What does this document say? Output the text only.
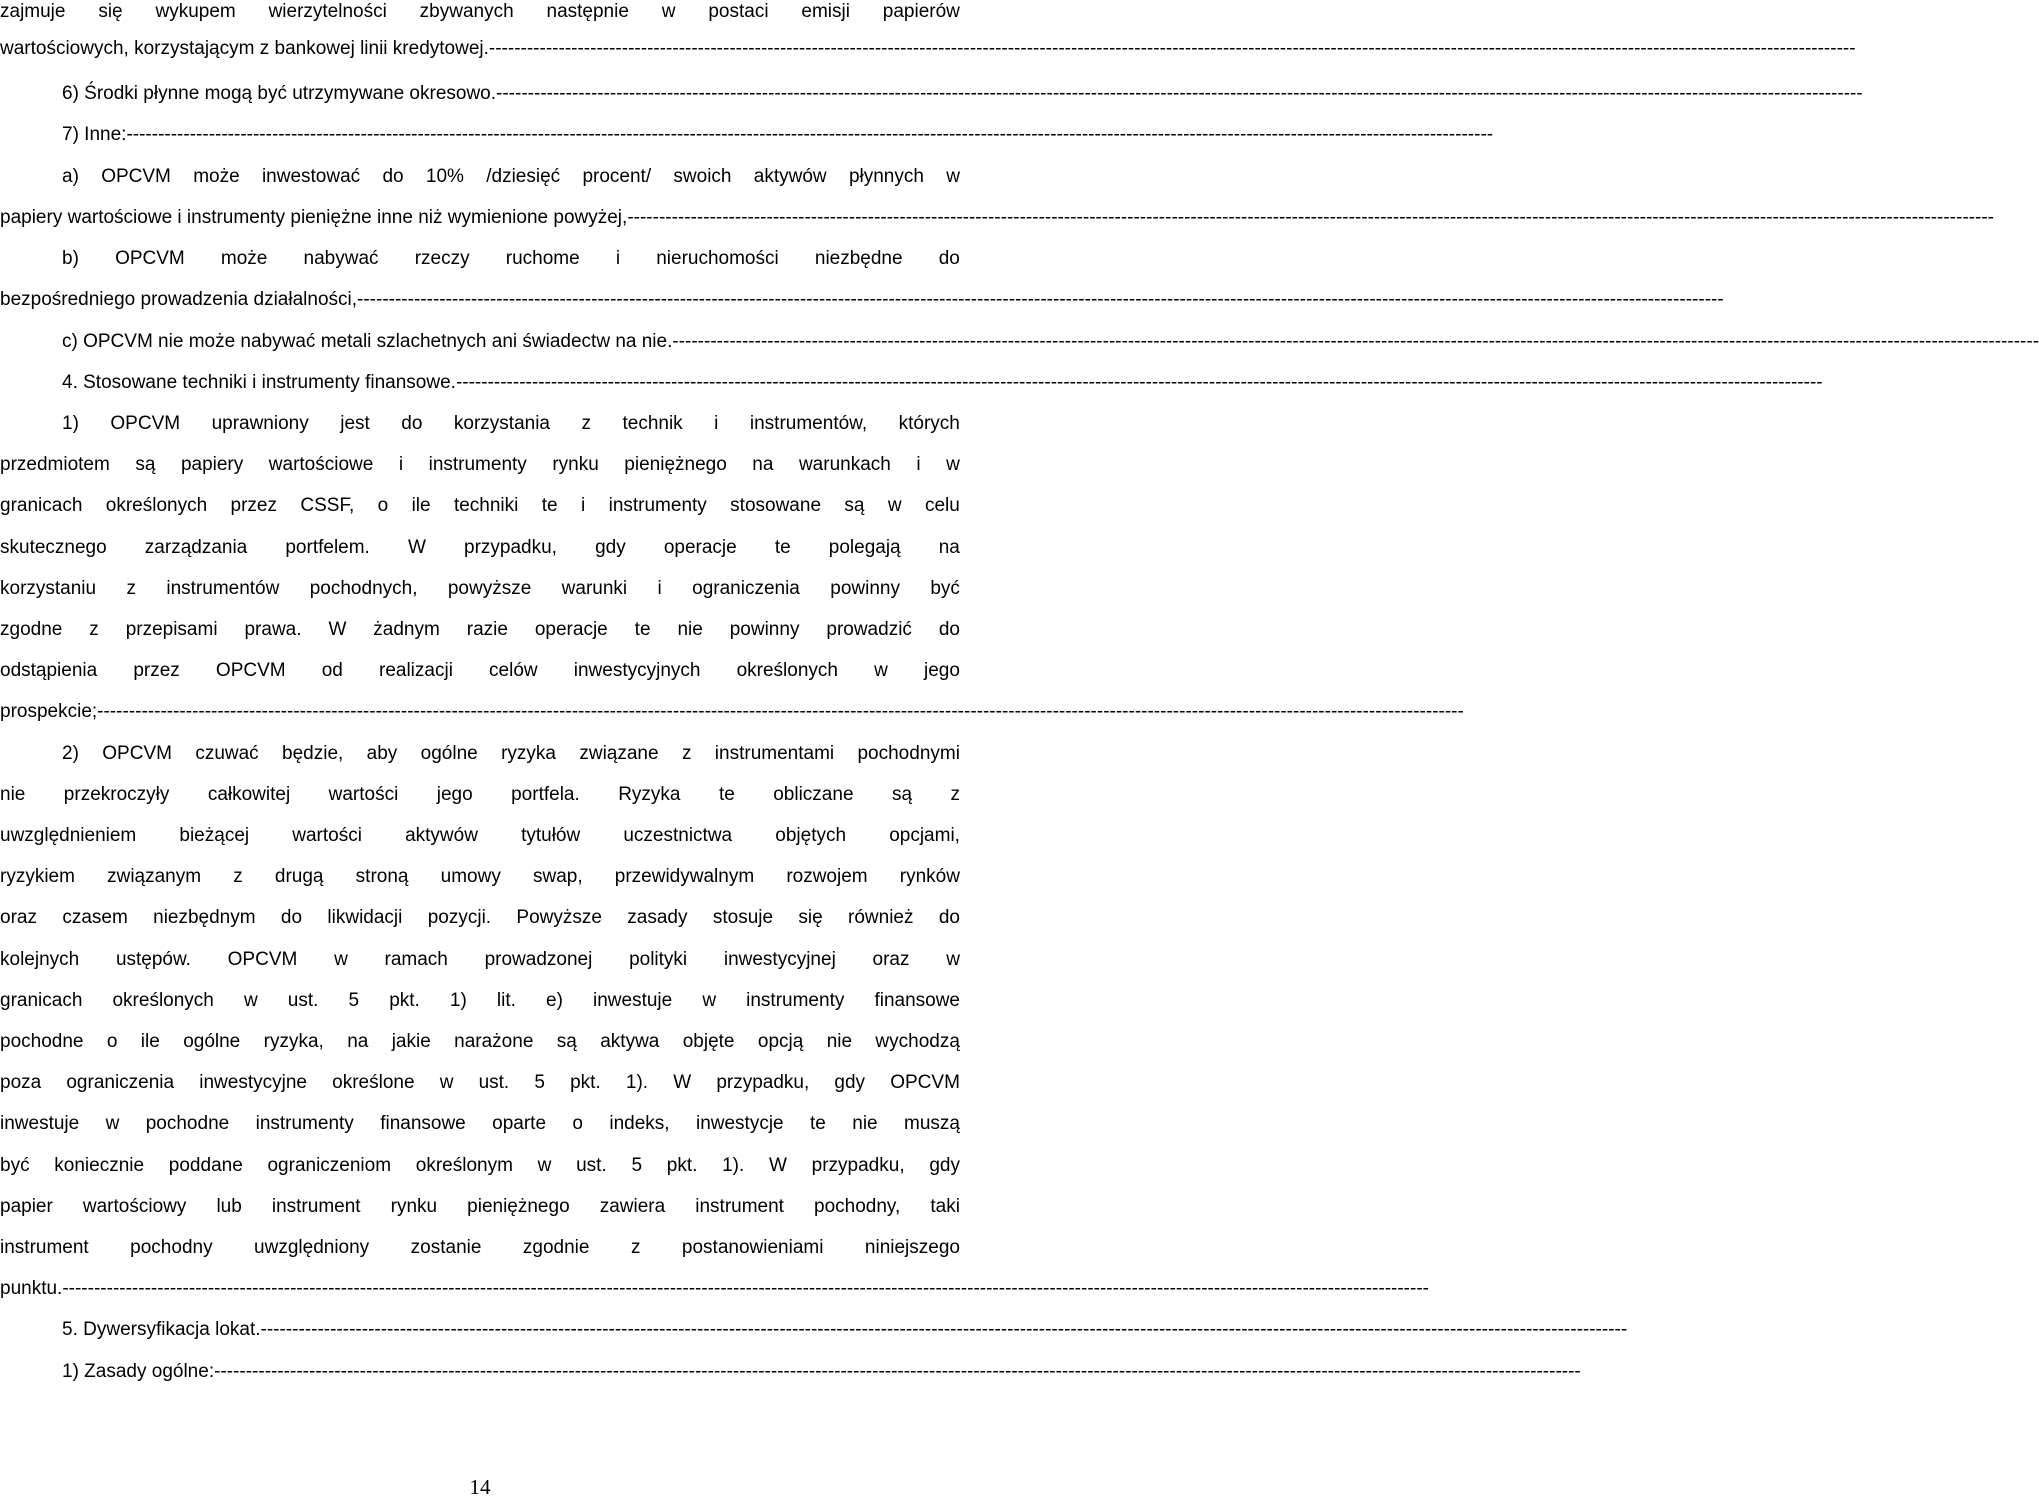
zajmuje się wykupem wierzytelności zbywanych następnie w postaci emisji papierów
wartościowych, korzystającym z bankowej linii kredytowej. ------------------------------------------------------------------------------------------------------------------------------------------------------------------------------------------------------------------------
6) Środki płynne mogą być utrzymywane okresowo. ------------------------------------------------------------------------------------------------------------------------------------------------------------------------------------------------------------------------
7) Inne: ------------------------------------------------------------------------------------------------------------------------------------------------------------------------------------------------------------------------
a) OPCVM może inwestować do 10% /dziesięć procent/ swoich aktywów płynnych w
papiery wartościowe i instrumenty pieniężne inne niż wymienione powyżej, ------------------------------------------------------------------------------------------------------------------------------------------------------------------------------------------------------------------------
b) OPCVM może nabywać rzeczy ruchome i nieruchomości niezbędne do
bezpośredniego prowadzenia działalności, ------------------------------------------------------------------------------------------------------------------------------------------------------------------------------------------------------------------------
c) OPCVM nie może nabywać metali szlachetnych ani świadectw na nie. ------------------------------------------------------------------------------------------------------------------------------------------------------------------------------------------------------------------------
4. Stosowane techniki i instrumenty finansowe. ------------------------------------------------------------------------------------------------------------------------------------------------------------------------------------------------------------------------
1) OPCVM uprawniony jest do korzystania z technik i instrumentów, których
przedmiotem są papiery wartościowe i instrumenty rynku pieniężnego na warunkach i w
granicach określonych przez CSSF, o ile techniki te i instrumenty stosowane są w celu
skutecznego zarządzania portfelem. W przypadku, gdy operacje te polegają na
korzystaniu z instrumentów pochodnych, powyższe warunki i ograniczenia powinny być
zgodne z przepisami prawa. W żadnym razie operacje te nie powinny prowadzić do
odstąpienia przez OPCVM od realizacji celów inwestycyjnych określonych w jego
prospekcie; ------------------------------------------------------------------------------------------------------------------------------------------------------------------------------------------------------------------------
2) OPCVM czuwać będzie, aby ogólne ryzyka związane z instrumentami pochodnymi
nie przekroczyły całkowitej wartości jego portfela. Ryzyka te obliczane są z
uwzględnieniem bieżącej wartości aktywów tytułów uczestnictwa objętych opcjami,
ryzykiem związanym z drugą stroną umowy swap, przewidywalnym rozwojem rynków
oraz czasem niezbędnym do likwidacji pozycji. Powyższe zasady stosuje się również do
kolejnych ustępów. OPCVM w ramach prowadzonej polityki inwestycyjnej oraz w
granicach określonych w ust. 5 pkt. 1) lit. e) inwestuje w instrumenty finansowe
pochodne o ile ogólne ryzyka, na jakie narażone są aktywa objęte opcją nie wychodzą
poza ograniczenia inwestycyjne określone w ust. 5 pkt. 1). W przypadku, gdy OPCVM
inwestuje w pochodne instrumenty finansowe oparte o indeks, inwestycje te nie muszą
być koniecznie poddane ograniczeniom określonym w ust. 5 pkt. 1). W przypadku, gdy
papier wartościowy lub instrument rynku pieniężnego zawiera instrument pochodny, taki
instrument pochodny uwzględniony zostanie zgodnie z postanowieniami niniejszego
punktu. ------------------------------------------------------------------------------------------------------------------------------------------------------------------------------------------------------------------------
5. Dywersyfikacja lokat. ------------------------------------------------------------------------------------------------------------------------------------------------------------------------------------------------------------------------
1) Zasady ogólne: ------------------------------------------------------------------------------------------------------------------------------------------------------------------------------------------------------------------------
14
